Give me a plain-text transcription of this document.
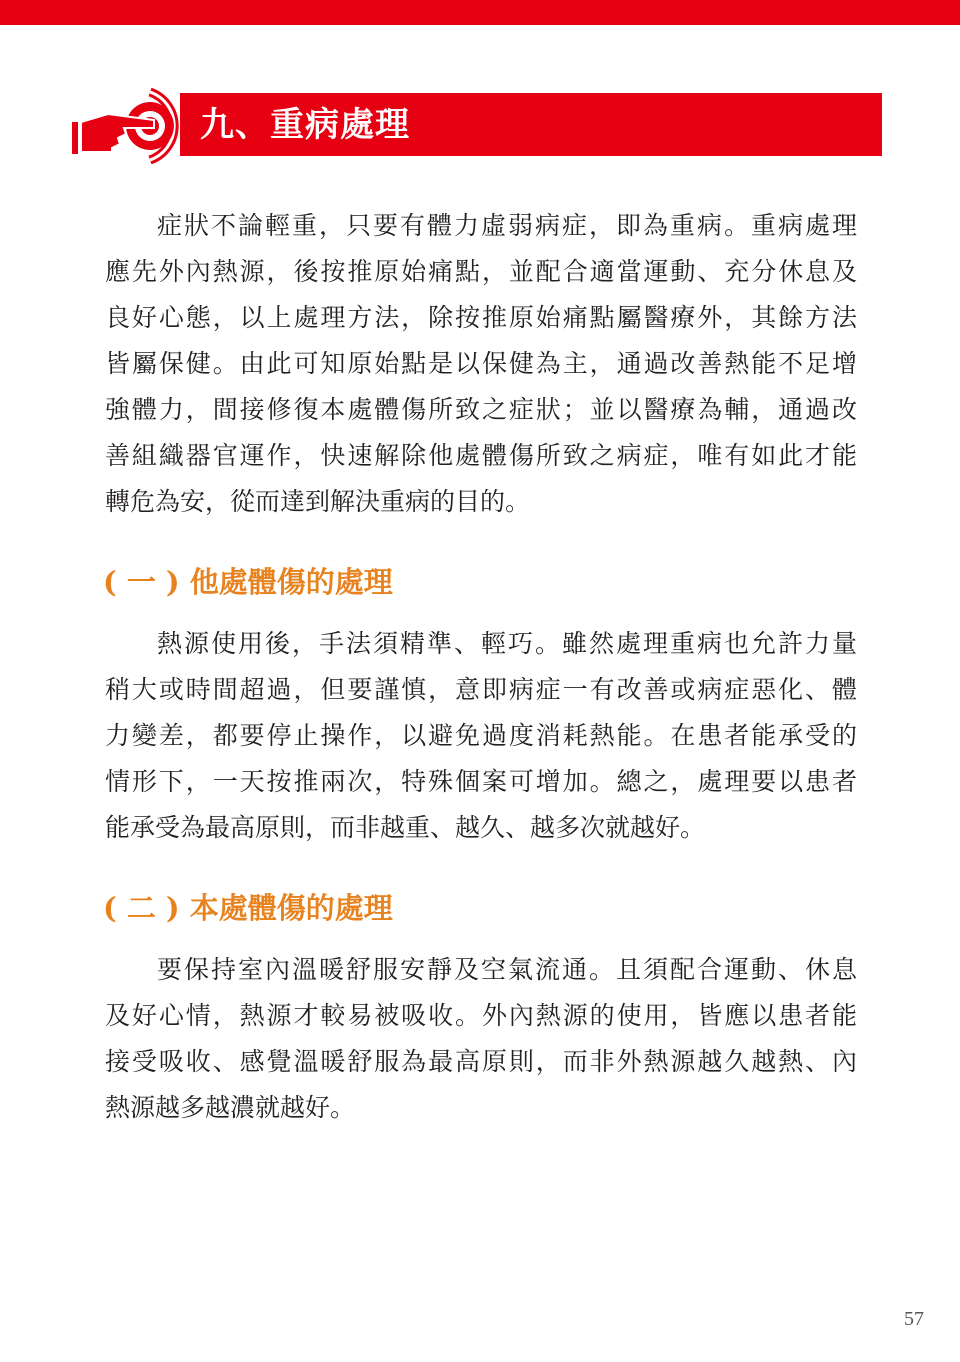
九、重病處理
症狀不論輕重，只要有體力虛弱病症，即為重病。重病處理
應先外內熱源，後按推原始痛點，並配合適當運動、充分休息及
良好心態，以上處理方法，除按推原始痛點屬醫療外，其餘方法
皆屬保健。由此可知原始點是以保健為主，通過改善熱能不足增
強體力，間接修復本處體傷所致之症狀；並以醫療為輔，通過改
善組織器官運作，快速解除他處體傷所致之病症，唯有如此才能
轉危為安，從而達到解決重病的目的。
( 一 ) 他處體傷的處理
熱源使用後，手法須精準、輕巧。雖然處理重病也允許力量
稍大或時間超過，但要謹慎，意即病症一有改善或病症惡化、體
力變差，都要停止操作，以避免過度消耗熱能。在患者能承受的
情形下，一天按推兩次，特殊個案可增加。總之，處理要以患者
能承受為最高原則，而非越重、越久、越多次就越好。
( 二 ) 本處體傷的處理
要保持室內溫暖舒服安靜及空氣流通。且須配合運動、休息
及好心情，熱源才較易被吸收。外內熱源的使用，皆應以患者能
接受吸收、感覺溫暖舒服為最高原則，而非外熱源越久越熱、內
熱源越多越濃就越好。
57
